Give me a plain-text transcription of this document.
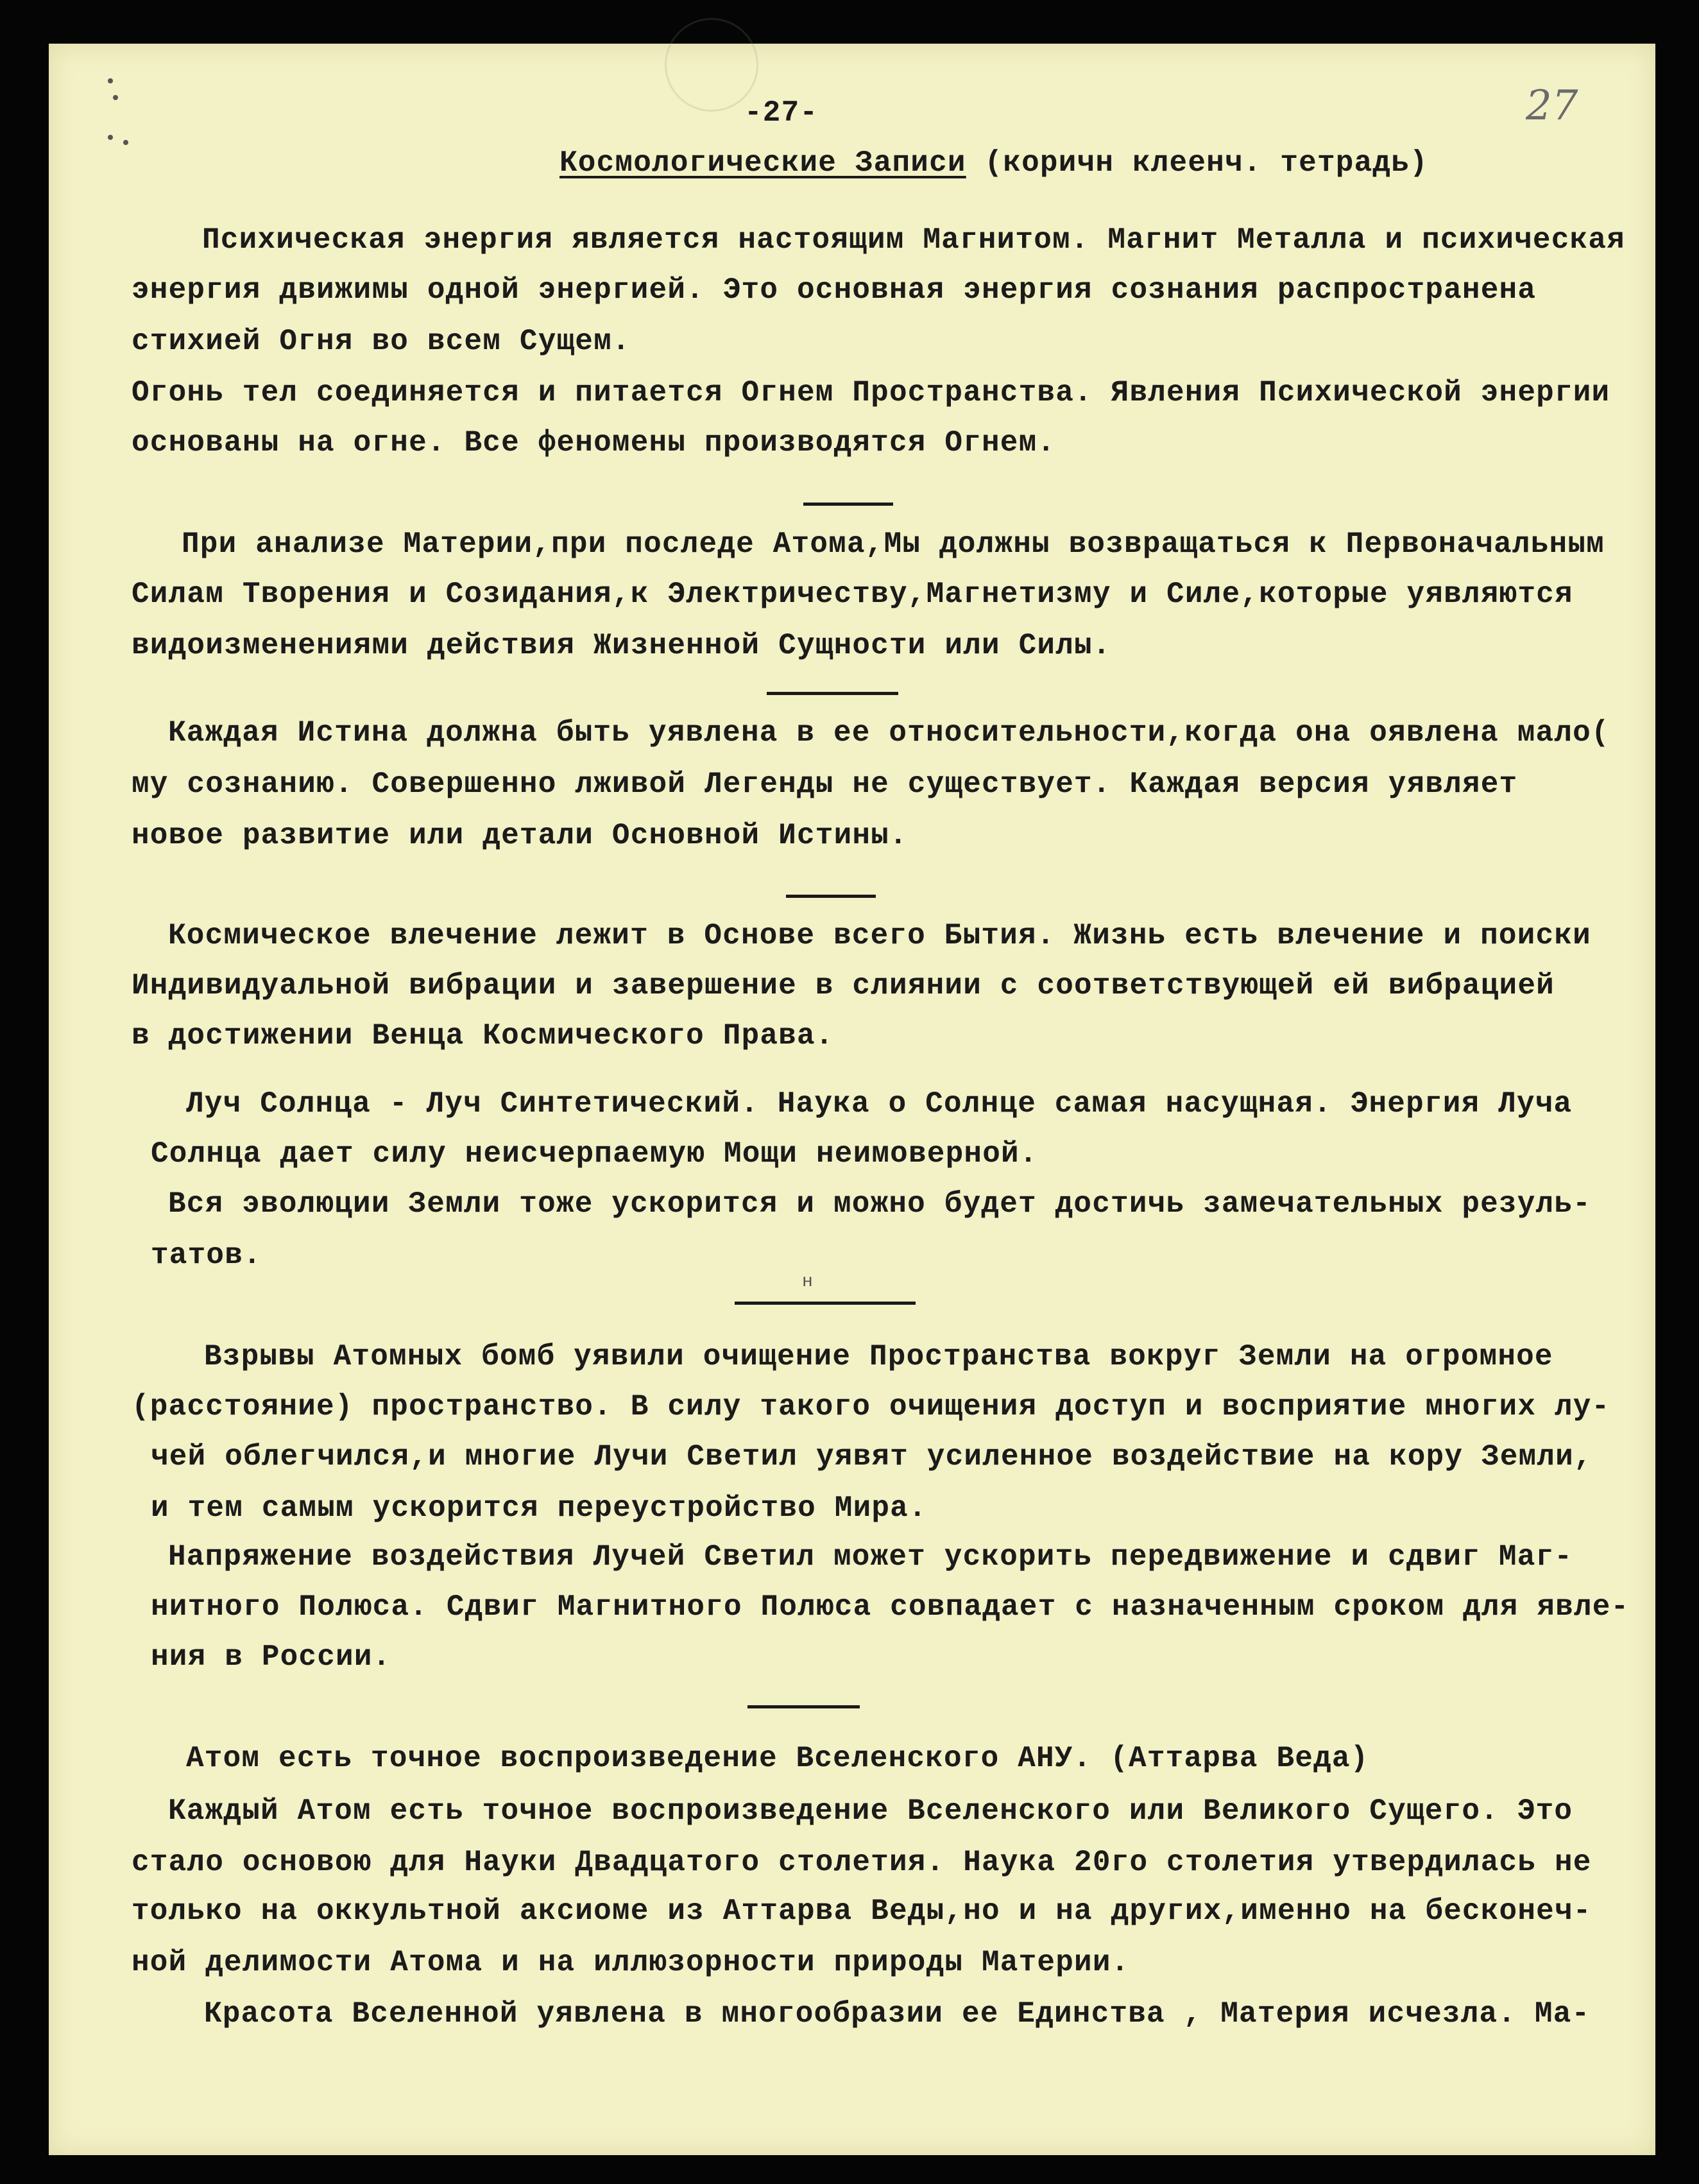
-27-	27
Космологические Записи (коричн клеенч. тетрадь)
Психическая энергия является настоящим Магнитом. Магнит Металла и психическая
энергия движимы одной энергией. Это основная энергия сознания распространена
стихией Огня во всем Сущем.
Огонь тел соединяется и питается Огнем Пространства. Явления Психической энергии
основаны на огне. Все феномены производятся Огнем.
При анализе Материи,при последе Атома,Мы должны возвращаться к Первоначальным
Силам Творения и Созидания,к Электричеству,Магнетизму и Силе,которые уявляются
видоизменениями действия Жизненной Сущности или Силы.
Каждая Истина должна быть уявлена в ее относительности,когда она оявлена мало(
му сознанию. Совершенно лживой Легенды не существует. Каждая версия уявляет
новое развитие или детали Основной Истины.
Космическое влечение лежит в Основе всего Бытия. Жизнь есть влечение и поиски
Индивидуальной вибрации и завершение в слиянии с соответствующей ей вибрацией
в достижении Венца Космического Права.
Луч Солнца - Луч Синтетический. Наука о Солнце самая насущная. Энергия Луча
Солнца дает силу неисчерпаемую Мощи неимоверной.
Вся эволюции Земли тоже ускорится и можно будет достичь замечательных резуль-
татов.
н
Взрывы Атомных бомб уявили очищение Пространства вокруг Земли на огромное
(расстояние) пространство. В силу такого очищения доступ и восприятие многих лу-
чей облегчился,и многие Лучи Светил уявят усиленное воздействие на кору Земли,
и тем самым ускорится переустройство Мира.
Напряжение воздействия Лучей Светил может ускорить передвижение и сдвиг Маг-
нитного Полюса. Сдвиг Магнитного Полюса совпадает с назначенным сроком для явле-
ния в России.
Атом есть точное воспроизведение Вселенского АНУ. (Аттарва Веда)
Каждый Атом есть точное воспроизведение Вселенского или Великого Сущего. Это
стало основою для Науки Двадцатого столетия. Наука 20го столетия утвердилась не
только на оккультной аксиоме из Аттарва Веды,но и на других,именно на бесконеч-
ной делимости Атома и на иллюзорности природы Материи.
Красота Вселенной уявлена в многообразии ее Единства , Материя исчезла. Ма-
